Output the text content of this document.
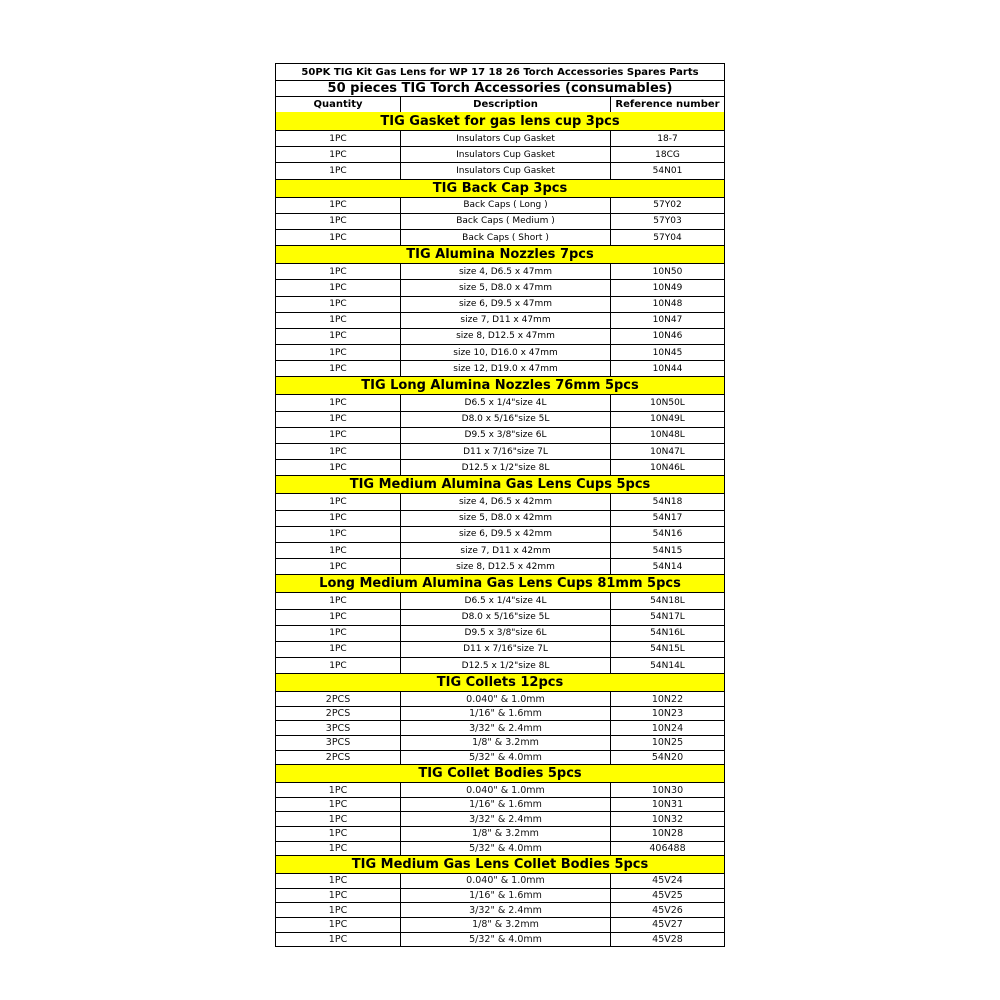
50PK TIG Kit Gas Lens for WP 17 18 26 Torch Accessories Spares Parts
50 pieces TIG Torch Accessories (consumables)
Quantity	Description	Reference number
TIG Gasket for gas lens cup 3pcs
1PC	Insulators Cup Gasket	18-7
1PC	Insulators Cup Gasket	18CG
1PC	Insulators Cup Gasket	54N01
TIG Back Cap 3pcs
1PC	Back Caps ( Long )	57Y02
1PC	Back Caps ( Medium )	57Y03
1PC	Back Caps ( Short )	57Y04
TIG Alumina Nozzles 7pcs
1PC	size 4, D6.5 x 47mm	10N50
1PC	size 5, D8.0 x 47mm	10N49
1PC	size 6, D9.5 x 47mm	10N48
1PC	size 7, D11 x 47mm	10N47
1PC	size 8, D12.5 x 47mm	10N46
1PC	size 10, D16.0 x 47mm	10N45
1PC	size 12, D19.0 x 47mm	10N44
TIG Long Alumina Nozzles 76mm 5pcs
1PC	D6.5 x 1/4"size 4L	10N50L
1PC	D8.0 x 5/16"size 5L	10N49L
1PC	D9.5 x 3/8"size 6L	10N48L
1PC	D11 x 7/16"size 7L	10N47L
1PC	D12.5 x 1/2"size 8L	10N46L
TIG Medium Alumina Gas Lens Cups 5pcs
1PC	size 4, D6.5 x 42mm	54N18
1PC	size 5, D8.0 x 42mm	54N17
1PC	size 6, D9.5 x 42mm	54N16
1PC	size 7, D11 x 42mm	54N15
1PC	size 8, D12.5 x 42mm	54N14
Long Medium Alumina Gas Lens Cups 81mm 5pcs
1PC	D6.5 x 1/4"size 4L	54N18L
1PC	D8.0 x 5/16"size 5L	54N17L
1PC	D9.5 x 3/8"size 6L	54N16L
1PC	D11 x 7/16"size 7L	54N15L
1PC	D12.5 x 1/2"size 8L	54N14L
TIG Collets 12pcs
2PCS	0.040" & 1.0mm	10N22
2PCS	1/16" & 1.6mm	10N23
3PCS	3/32" & 2.4mm	10N24
3PCS	1/8" & 3.2mm	10N25
2PCS	5/32" & 4.0mm	54N20
TIG Collet Bodies 5pcs
1PC	0.040" & 1.0mm	10N30
1PC	1/16" & 1.6mm	10N31
1PC	3/32" & 2.4mm	10N32
1PC	1/8" & 3.2mm	10N28
1PC	5/32" & 4.0mm	406488
TIG Medium Gas Lens Collet Bodies 5pcs
1PC	0.040" & 1.0mm	45V24
1PC	1/16" & 1.6mm	45V25
1PC	3/32" & 2.4mm	45V26
1PC	1/8" & 3.2mm	45V27
1PC	5/32" & 4.0mm	45V28
